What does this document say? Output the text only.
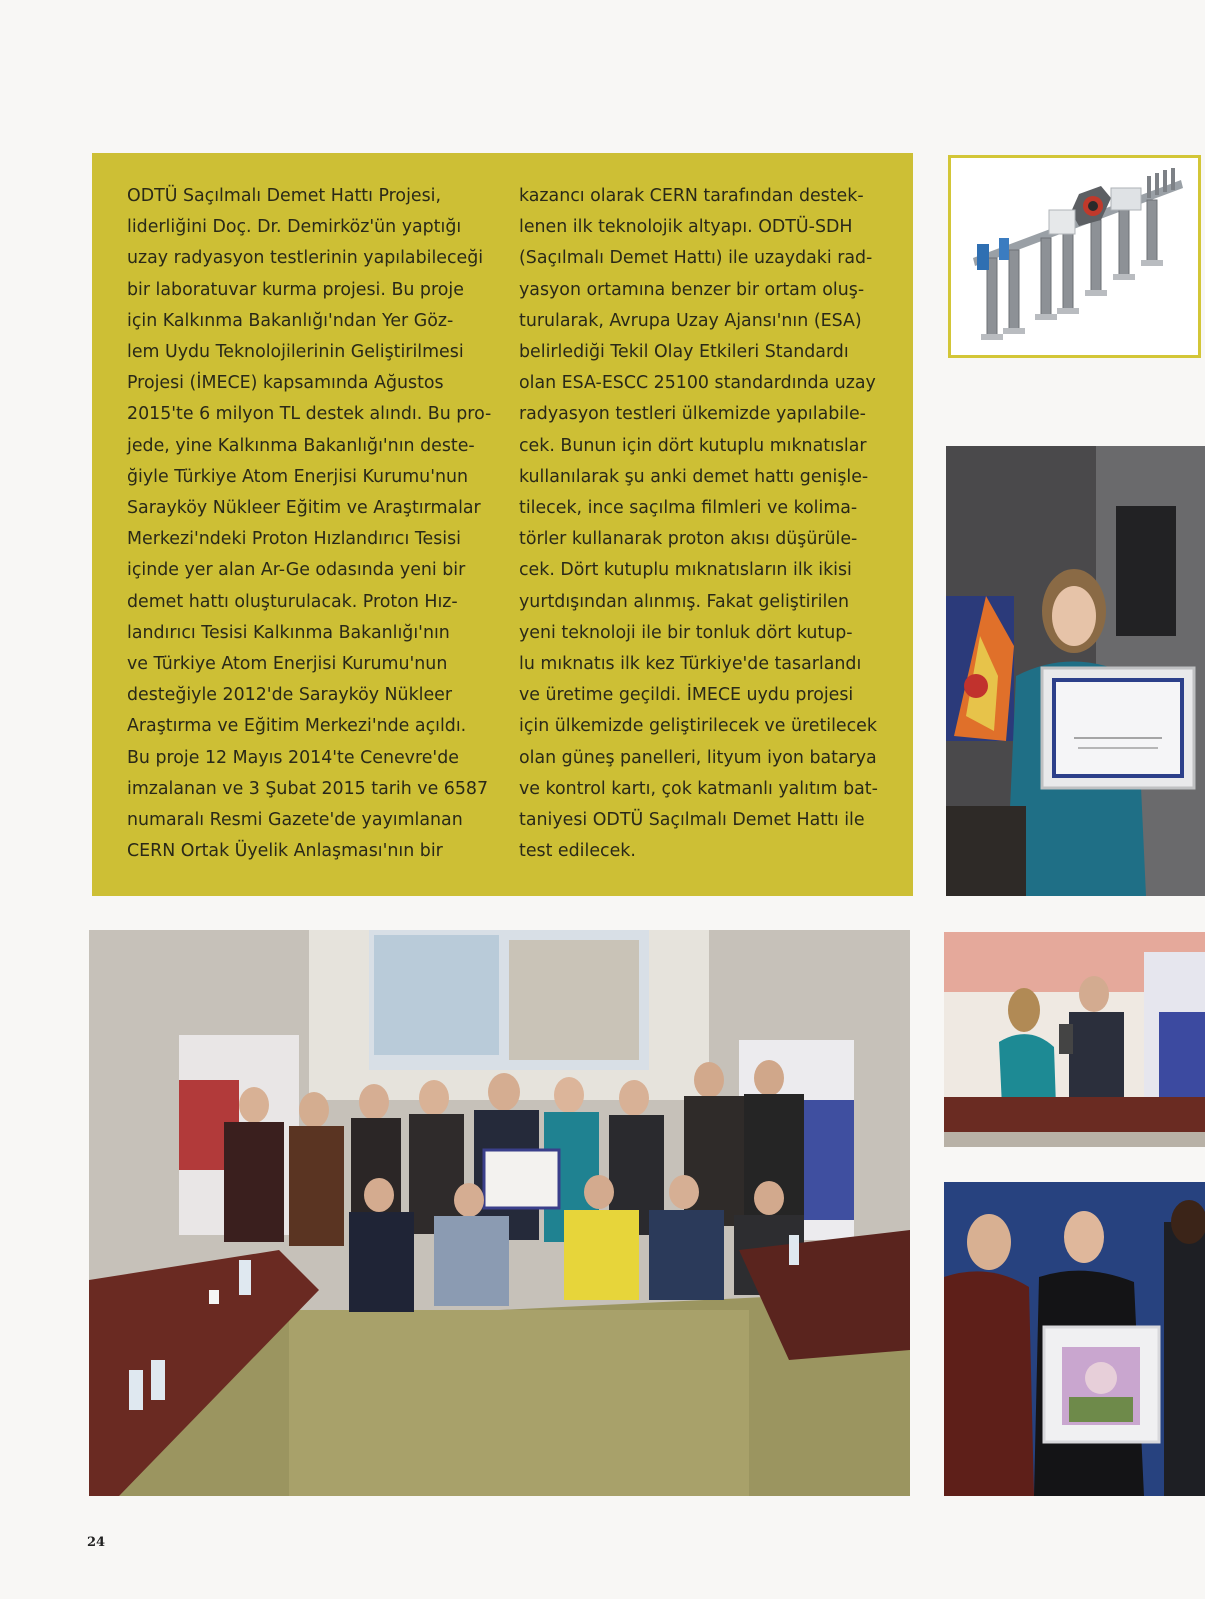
ODTÜ Saçılmalı Demet Hattı Projesi,
liderliğini Doç. Dr. Demirköz'ün yaptığı
uzay radyasyon testlerinin yapılabileceği
bir laboratuvar kurma projesi. Bu proje
için Kalkınma Bakanlığı'ndan Yer Göz-
lem Uydu Teknolojilerinin Geliştirilmesi
Projesi (İMECE) kapsamında Ağustos
2015'te 6 milyon TL destek alındı. Bu pro-
jede, yine Kalkınma Bakanlığı'nın deste-
ğiyle Türkiye Atom Enerjisi Kurumu'nun
Sarayköy Nükleer Eğitim ve Araştırmalar
Merkezi'ndeki Proton Hızlandırıcı Tesisi
içinde yer alan Ar-Ge odasında yeni bir
demet hattı oluşturulacak. Proton Hız-
landırıcı Tesisi Kalkınma Bakanlığı'nın
ve Türkiye Atom Enerjisi Kurumu'nun
desteğiyle 2012'de Sarayköy Nükleer
Araştırma ve Eğitim Merkezi'nde açıldı.
Bu proje 12 Mayıs 2014'te Cenevre'de
imzalanan ve 3 Şubat 2015 tarih ve 6587
numaralı Resmi Gazete'de yayımlanan
CERN Ortak Üyelik Anlaşması'nın bir
kazancı olarak CERN tarafından destek-
lenen ilk teknolojik altyapı. ODTÜ-SDH
(Saçılmalı Demet Hattı) ile uzaydaki rad-
yasyon ortamına benzer bir ortam oluş-
turularak, Avrupa Uzay Ajansı'nın (ESA)
belirlediği Tekil Olay Etkileri Standardı
olan ESA-ESCC 25100 standardında uzay
radyasyon testleri ülkemizde yapılabile-
cek. Bunun için dört kutuplu mıknatıslar
kullanılarak şu anki demet hattı genişle-
tilecek, ince saçılma filmleri ve kolima-
törler kullanarak proton akısı düşürüle-
cek. Dört kutuplu mıknatısların ilk ikisi
yurtdışından alınmış. Fakat geliştirilen
yeni teknoloji ile bir tonluk dört kutup-
lu mıknatıs ilk kez Türkiye'de tasarlandı
ve üretime geçildi. İMECE uydu projesi
için ülkemizde geliştirilecek ve üretilecek
olan güneş panelleri, lityum iyon batarya
ve kontrol kartı, çok katmanlı yalıtım bat-
taniyesi ODTÜ Saçılmalı Demet Hattı ile
test edilecek.
24
